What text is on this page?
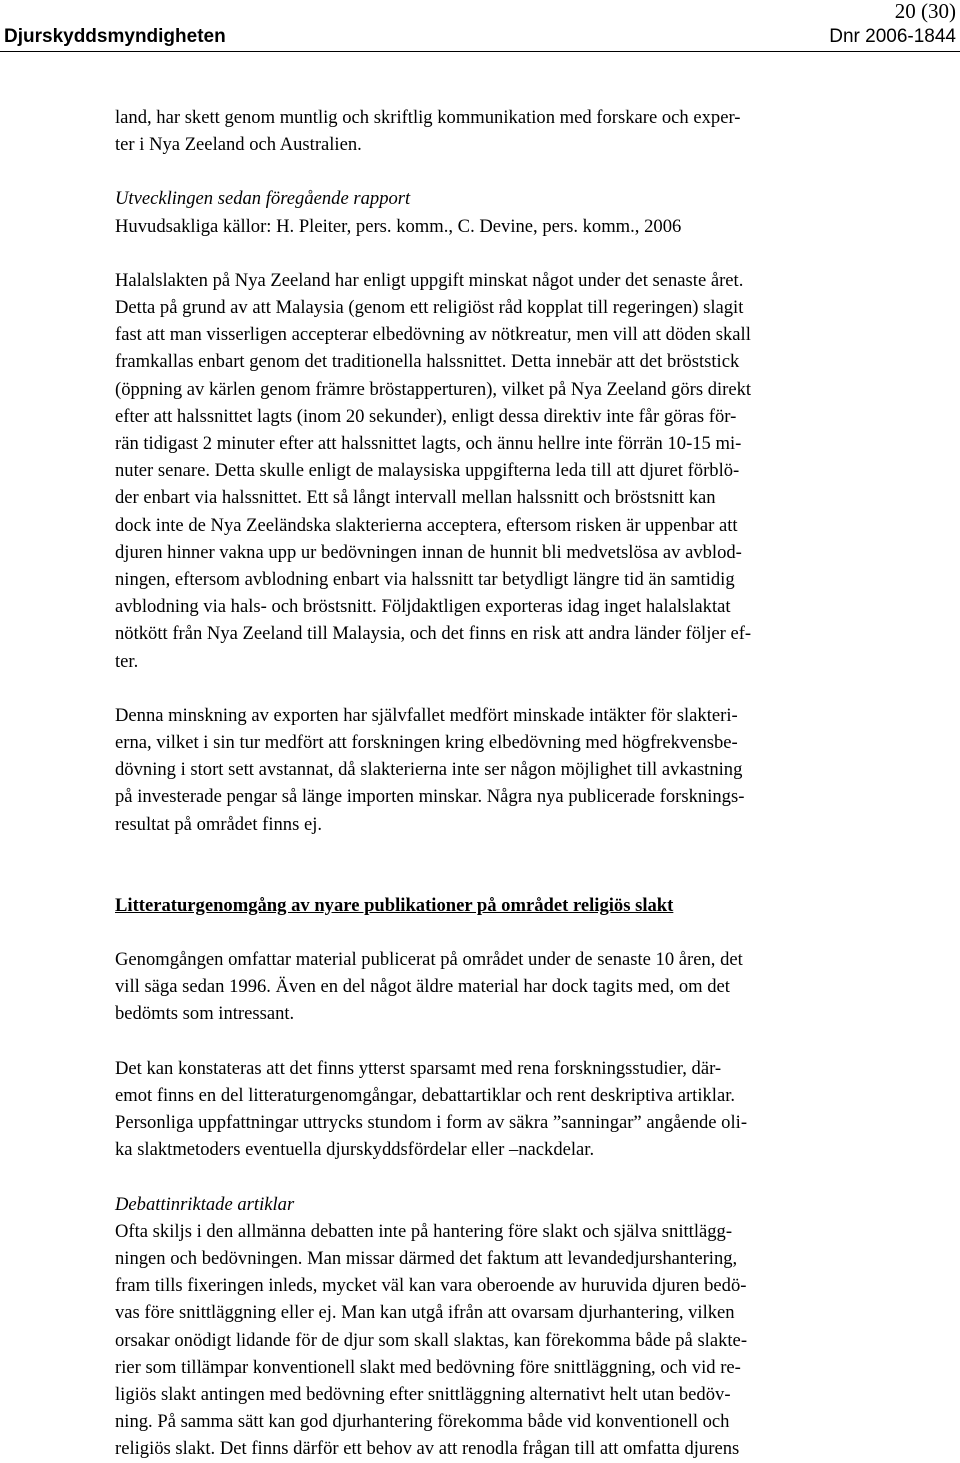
Djurskyddsmyndigheten
20 (30)
Dnr 2006-1844

land, har skett genom muntlig och skriftlig kommunikation med forskare och exper-
ter i Nya Zeeland och Australien.

Utvecklingen sedan föregående rapport
Huvudsakliga källor: H. Pleiter, pers. komm., C. Devine, pers. komm., 2006

Halalslakten på Nya Zeeland har enligt uppgift minskat något under det senaste året.
Detta på grund av att Malaysia (genom ett religiöst råd kopplat till regeringen) slagit
fast att man visserligen accepterar elbedövning av nötkreatur, men vill att döden skall
framkallas enbart genom det traditionella halssnittet. Detta innebär att det bröststick
(öppning av kärlen genom främre bröstapperturen), vilket på Nya Zeeland görs direkt
efter att halssnittet lagts (inom 20 sekunder), enligt dessa direktiv inte får göras för-
rän tidigast 2 minuter efter att halssnittet lagts, och ännu hellre inte förrän 10-15 mi-
nuter senare. Detta skulle enligt de malaysiska uppgifterna leda till att djuret förblö-
der enbart via halssnittet. Ett så långt intervall mellan halssnitt och bröstsnitt kan
dock inte de Nya Zeeländska slakterierna acceptera, eftersom risken är uppenbar att
djuren hinner vakna upp ur bedövningen innan de hunnit bli medvetslösa av avblod-
ningen, eftersom avblodning enbart via halssnitt tar betydligt längre tid än samtidig
avblodning via hals- och bröstsnitt. Följdaktligen exporteras idag inget halalslaktat
nötkött från Nya Zeeland till Malaysia, och det finns en risk att andra länder följer ef-
ter.

Denna minskning av exporten har självfallet medfört minskade intäkter för slakteri-
erna, vilket i sin tur medfört att forskningen kring elbedövning med högfrekvensbe-
dövning i stort sett avstannat, då slakterierna inte ser någon möjlighet till avkastning
på investerade pengar så länge importen minskar. Några nya publicerade forsknings-
resultat på området finns ej.

Litteraturgenomgång av nyare publikationer på området religiös slakt

Genomgången omfattar material publicerat på området under de senaste 10 åren, det
vill säga sedan 1996. Även en del något äldre material har dock tagits med, om det
bedömts som intressant.

Det kan konstateras att det finns ytterst sparsamt med rena forskningsstudier, där-
emot finns en del litteraturgenomgångar, debattartiklar och rent deskriptiva artiklar.
Personliga uppfattningar uttrycks stundom i form av säkra ”sanningar” angående oli-
ka slaktmetoders eventuella djurskyddsfördelar eller –nackdelar.

Debattinriktade artiklar
Ofta skiljs i den allmänna debatten inte på hantering före slakt och själva snittlägg-
ningen och bedövningen. Man missar därmed det faktum att levandedjurshantering,
fram tills fixeringen inleds, mycket väl kan vara oberoende av huruvida djuren bedö-
vas före snittläggning eller ej. Man kan utgå ifrån att ovarsam djurhantering, vilken
orsakar onödigt lidande för de djur som skall slaktas, kan förekomma både på slakte-
rier som tillämpar konventionell slakt med bedövning före snittläggning, och vid re-
ligiös slakt antingen med bedövning efter snittläggning alternativt helt utan bedöv-
ning. På samma sätt kan god djurhantering förekomma både vid konventionell och
religiös slakt. Det finns därför ett behov av att renodla frågan till att omfatta djurens
